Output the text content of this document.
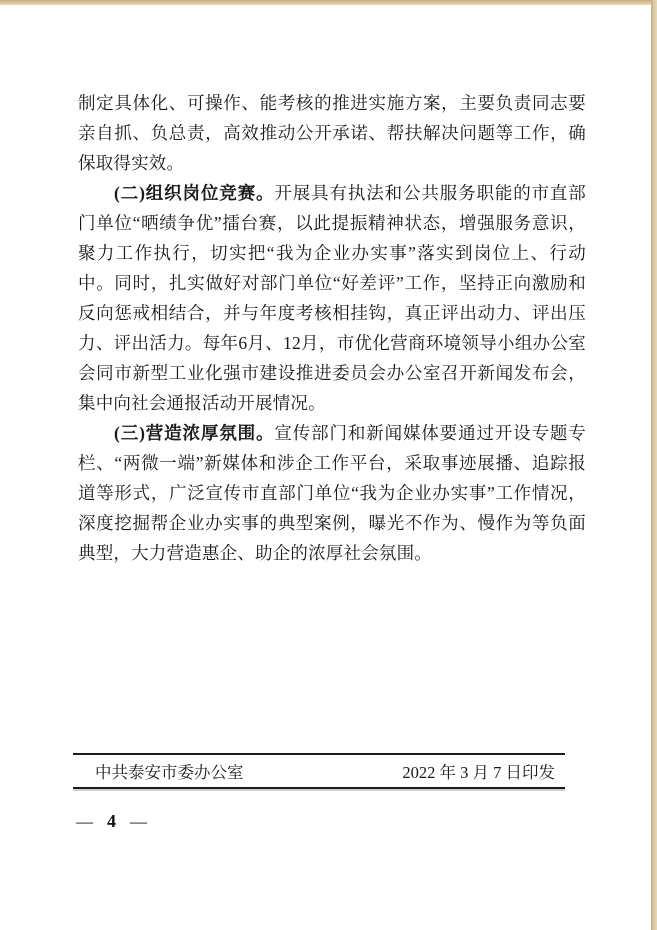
制定具体化、可操作、能考核的推进实施方案，主要负责同志要亲自抓、负总责，高效推动公开承诺、帮扶解决问题等工作，确保取得实效。

(二)组织岗位竞赛。开展具有执法和公共服务职能的市直部门单位“晒绩争优”擂台赛，以此提振精神状态，增强服务意识，聚力工作执行，切实把“我为企业办实事”落实到岗位上、行动中。同时，扎实做好对部门单位“好差评”工作，坚持正向激励和反向惩戒相结合，并与年度考核相挂钩，真正评出动力、评出压力、评出活力。每年6月、12月，市优化营商环境领导小组办公室会同市新型工业化强市建设推进委员会办公室召开新闻发布会，集中向社会通报活动开展情况。

(三)营造浓厚氛围。宣传部门和新闻媒体要通过开设专题专栏、“两微一端”新媒体和涉企工作平台，采取事迹展播、追踪报道等形式，广泛宣传市直部门单位“我为企业办实事”工作情况，深度挖掘帮企业办实事的典型案例，曝光不作为、慢作为等负面典型，大力营造惠企、助企的浓厚社会氛围。

中共泰安市委办公室	2022 年 3 月 7 日印发
— 4 —
